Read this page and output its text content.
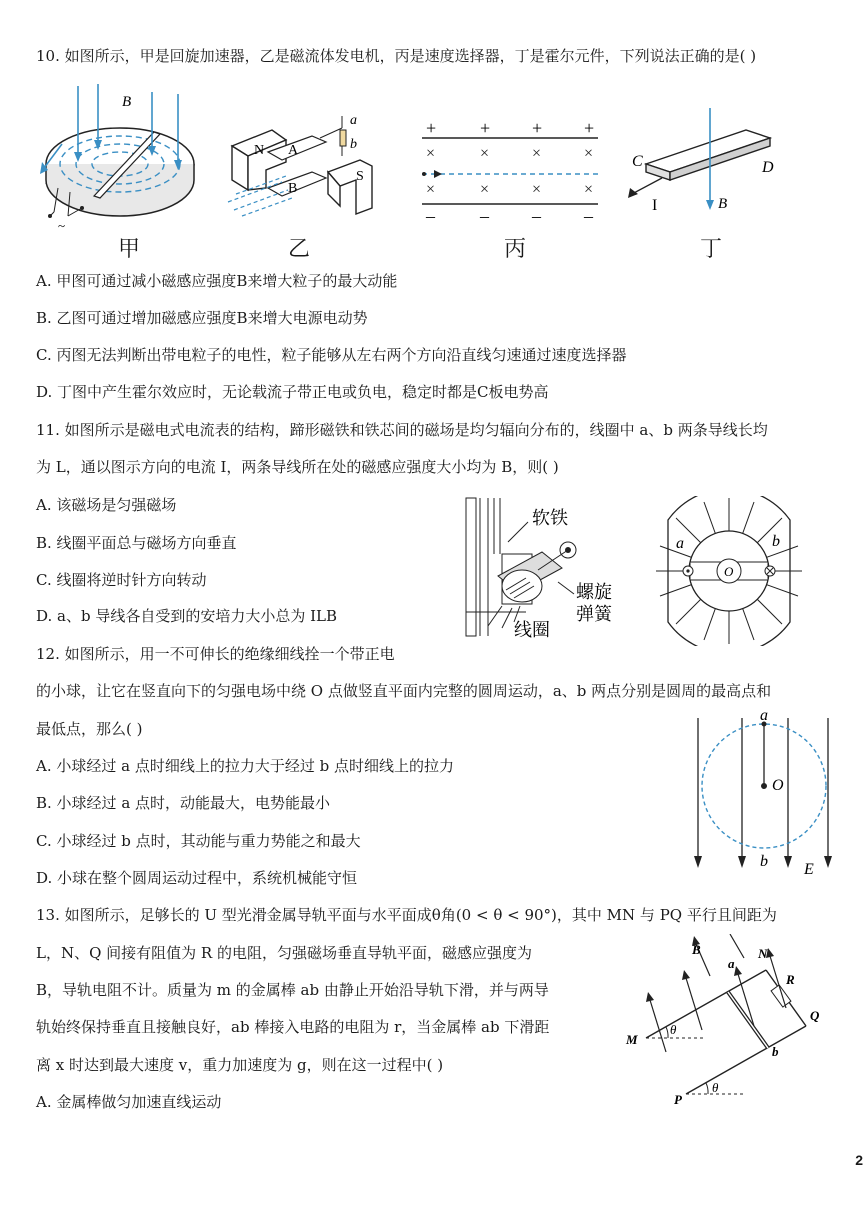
10. 如图所示，甲是回旋加速器，乙是磁流体发电机，丙是速度选择器，丁是霍尔元件，下列说法正确的是( )
~
B
N A
B
S
a
b
+ + + +
×	×	×	×
×	×	×	×
–	– – –
B
C	D
I
甲	乙	丙	丁
A. 甲图可通过减小磁感应强度B来增大粒子的最大动能
B. 乙图可通过增加磁感应强度B来增大电源电动势
C. 丙图无法判断出带电粒子的电性，粒子能够从左右两个方向沿直线匀速通过速度选择器
D. 丁图中产生霍尔效应时，无论载流子带正电或负电，稳定时都是C板电势高
11. 如图所示是磁电式电流表的结构，蹄形磁铁和铁芯间的磁场是均匀辐向分布的，线圈中 a、b 两条导线长均
为 L，通以图示方向的电流 I，两条导线所在处的磁感应强度大小均为 B，则( )
A. 该磁场是匀强磁场
B. 线圈平面总与磁场方向垂直
C. 线圈将逆时针方向转动
D. a、b 导线各自受到的安培力大小总为 ILB
软铁
螺旋
弹簧
线圈
O
a	b
12. 如图所示，用一不可伸长的绝缘细线拴一个带正电
的小球，让它在竖直向下的匀强电场中绕 O 点做竖直平面内完整的圆周运动，a、b 两点分别是圆周的最高点和
最低点，那么( )
A. 小球经过 a 点时细线上的拉力大于经过 b 点时细线上的拉力
B. 小球经过 a 点时，动能最大，电势能最小
C. 小球经过 b 点时，其动能与重力势能之和最大
D. 小球在整个圆周运动过程中，系统机械能守恒
a
O
b E
13. 如图所示，足够长的 U 型光滑金属导轨平面与水平面成θ角(0 < θ < 90°)，其中 MN 与 PQ 平行且间距为
L，N、Q 间接有阻值为 R 的电阻，匀强磁场垂直导轨平面，磁感应强度为
B，导轨电阻不计。质量为 m 的金属棒 ab 由静止开始沿导轨下滑，并与两导
轨始终保持垂直且接触良好，ab 棒接入电路的电阻为 r，当金属棒 ab 下滑距
离 x 时达到最大速度 v，重力加速度为 g，则在这一过程中( )
A. 金属棒做匀加速直线运动
B
a
N
R
Q
M
θ
b
P
θ
2
